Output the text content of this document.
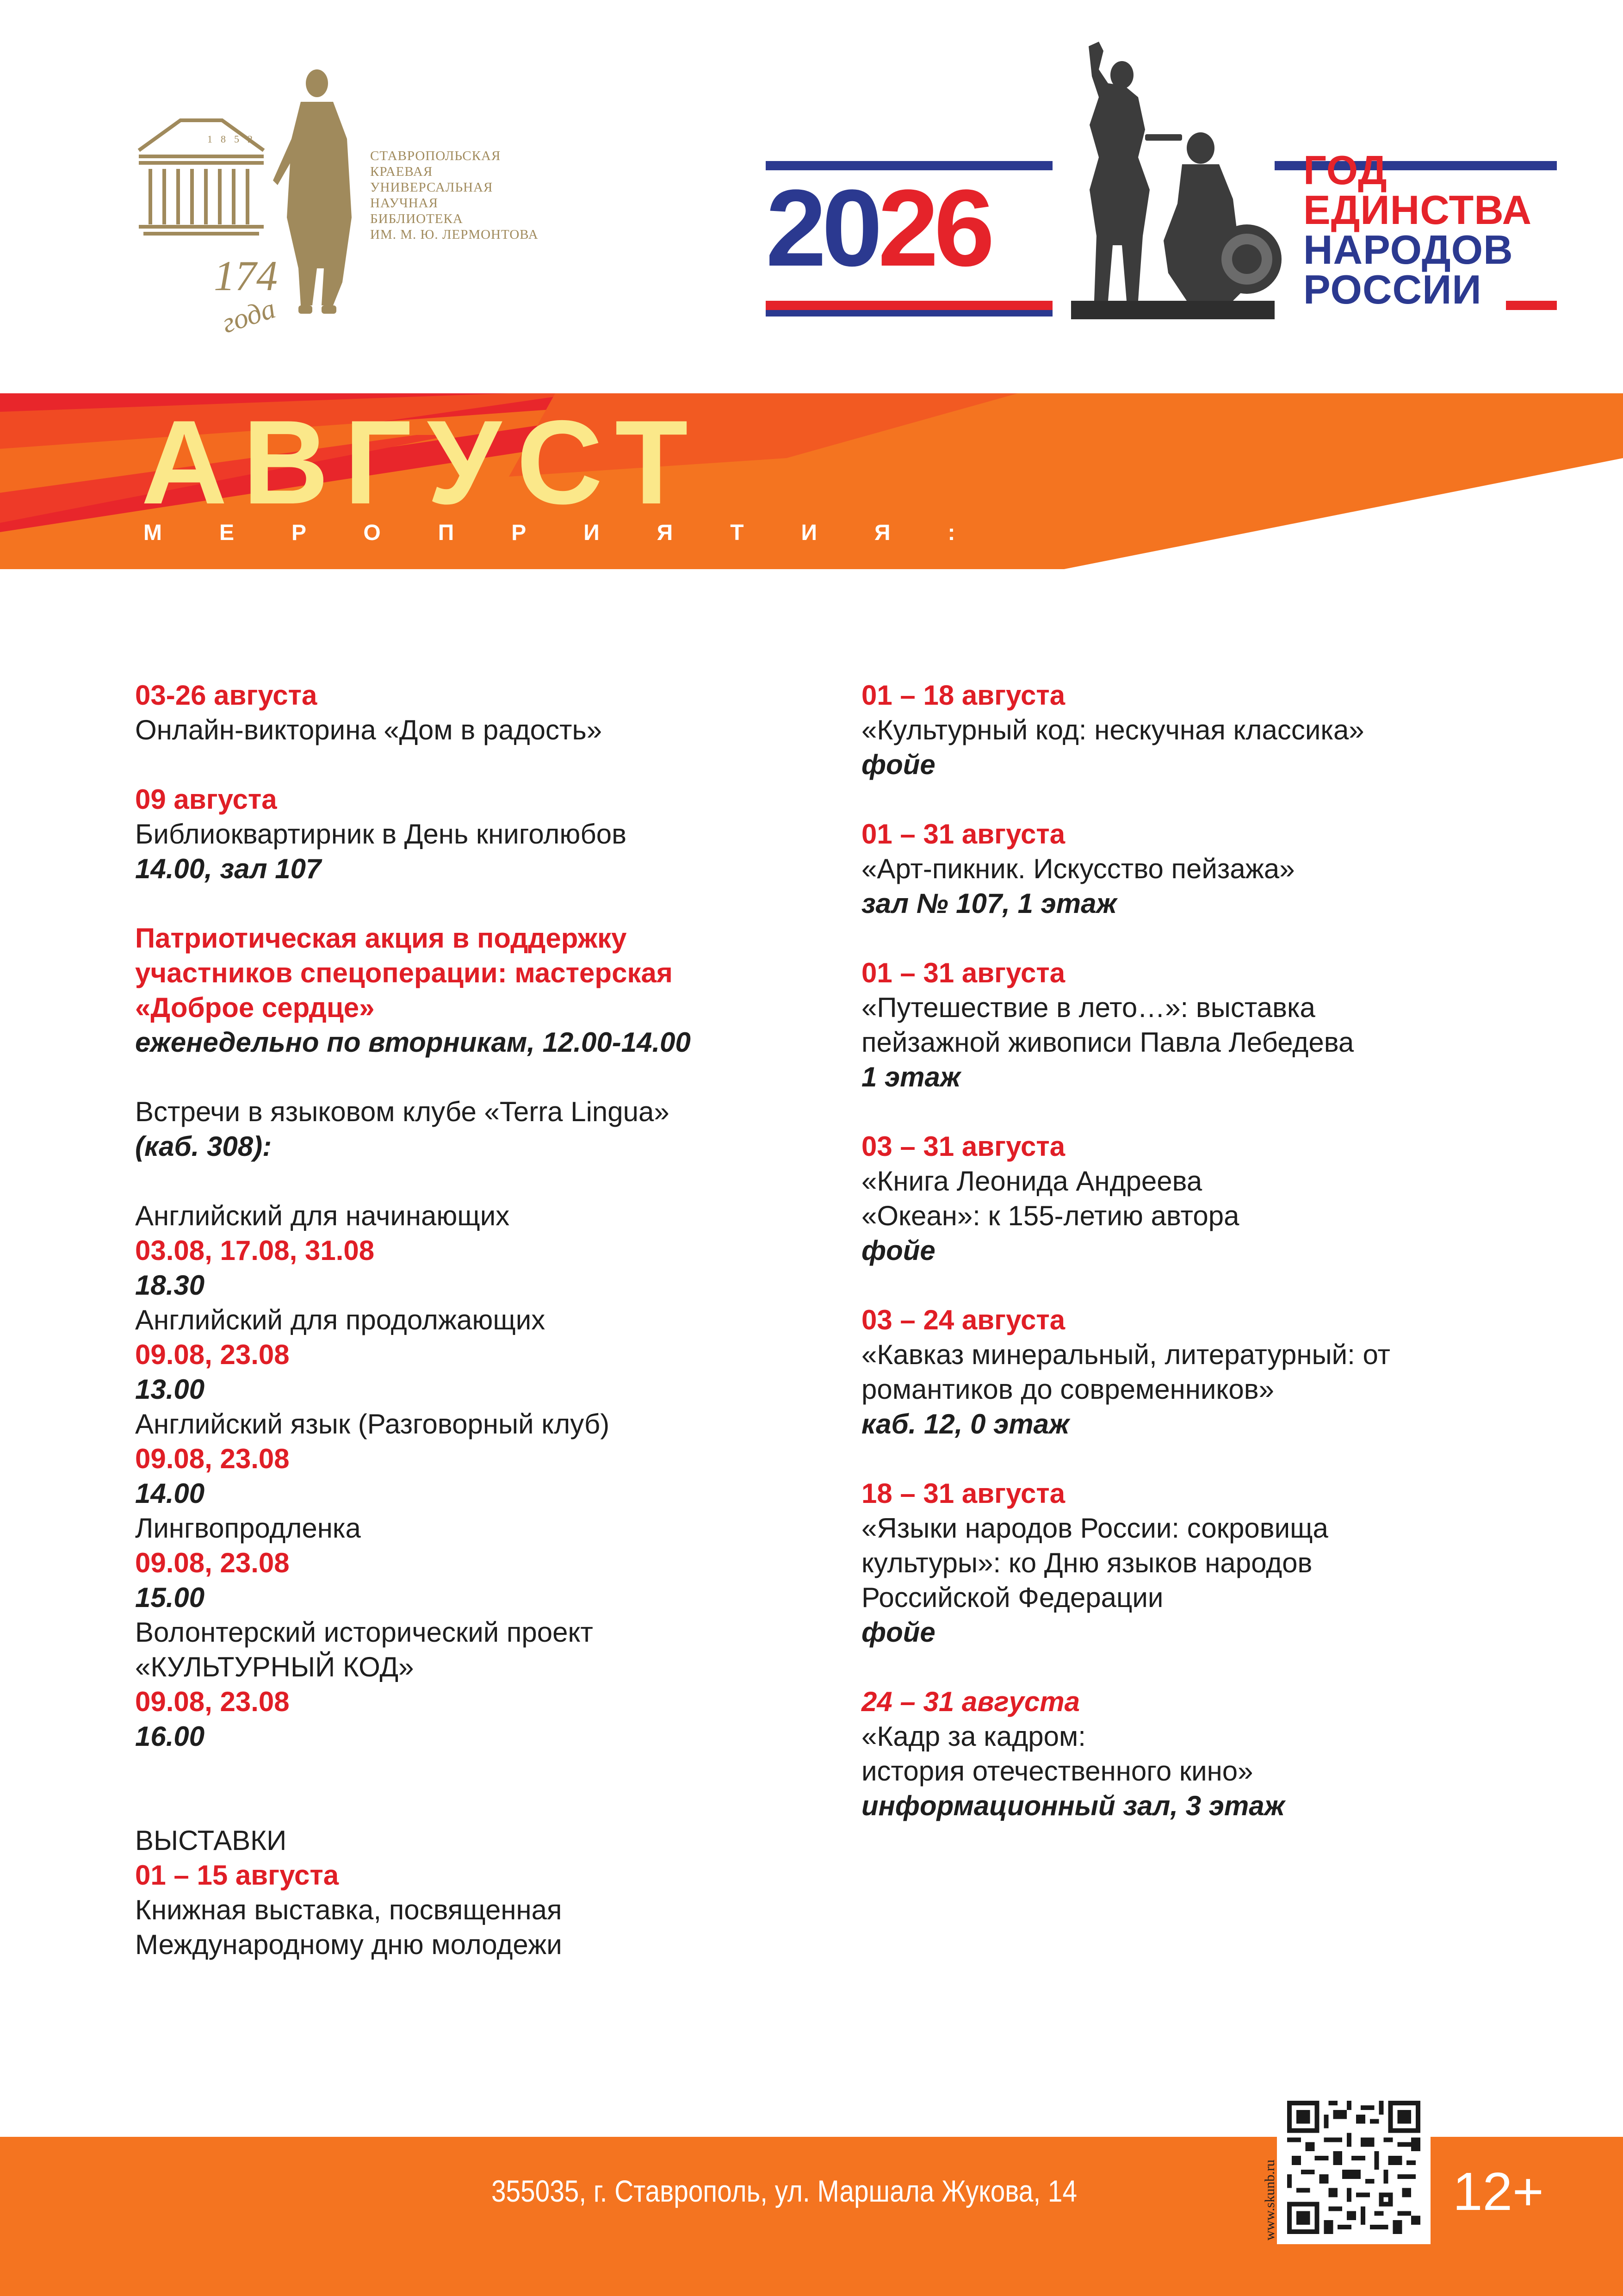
1852
174
года
СТАВРОПОЛЬСКАЯ
КРАЕВАЯ
УНИВЕРСАЛЬНАЯ
НАУЧНАЯ
БИБЛИОТЕКА
ИМ. М. Ю. ЛЕРМОНТОВА 2026	ГОД
ЕДИНСТВА
НАРОДОВ
РОССИИ
АВГУСТ
МЕРОПРИЯТИЯ:
03-26 августа
Онлайн-викторина «Дом в радость»
09 августа
Библиоквартирник в День книголюбов
14.00, зал 107
Патриотическая акция в поддержку
участников спецоперации: мастерская
«Доброе сердце»
еженедельно по вторникам, 12.00-14.00
Встречи в языковом клубе «Terra Lingua»
(каб. 308):
Английский для начинающих
03.08, 17.08, 31.08
18.30
Английский для продолжающих
09.08, 23.08
13.00
Английский язык (Разговорный клуб)
09.08, 23.08
14.00
Лингвопродленка
09.08, 23.08
15.00
Волонтерский исторический проект
«КУЛЬТУРНЫЙ КОД»
09.08, 23.08
16.00
ВЫСТАВКИ
01 – 15 августа
Книжная выставка, посвященная
Международному дню молодежи
01 – 18 августа
«Культурный код: нескучная классика»
фойе
01 – 31 августа
«Арт-пикник. Искусство пейзажа»
зал № 107, 1 этаж
01 – 31 августа
«Путешествие в лето…»: выставка
пейзажной живописи Павла Лебедева
1 этаж
03 – 31 августа
«Книга Леонида Андреева
«Океан»: к 155-летию автора
фойе
03 – 24 августа
«Кавказ минеральный, литературный: от
романтиков до современников»
каб. 12, 0 этаж
18 – 31 августа
«Языки народов России: сокровища
культуры»: ко Дню языков народов
Российской Федерации
фойе
24 – 31 августа
«Кадр за кадром:
история отечественного кино»
информационный зал, 3 этаж
355035, г. Ставрополь, ул. Маршала Жукова, 14	www.skunb.ru	12+
